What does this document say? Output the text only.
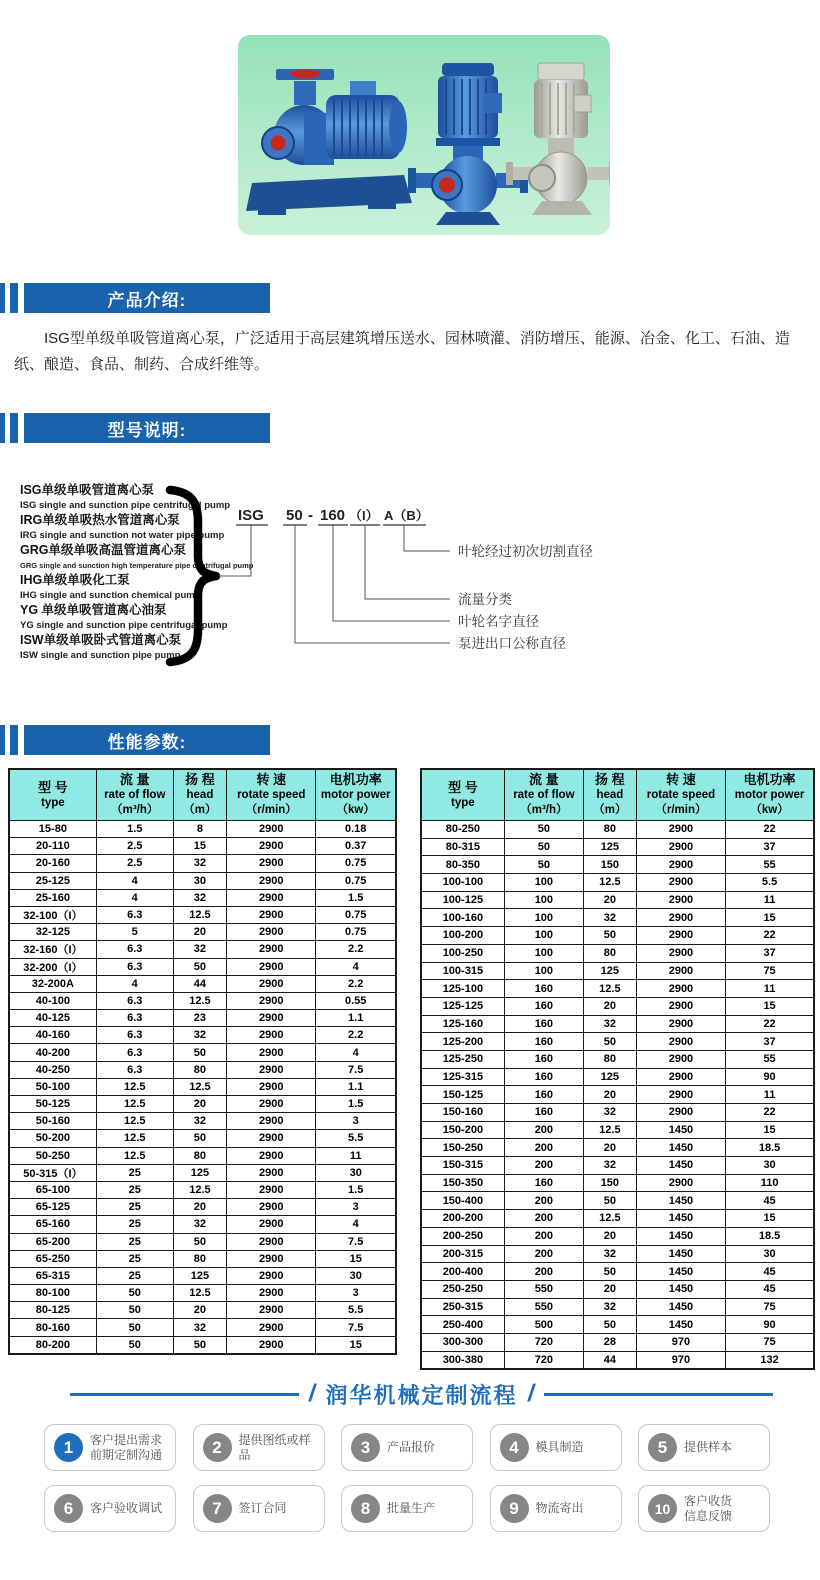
产品介绍:

ISG型单级单吸管道离心泵，广泛适用于高层建筑增压送水、园林喷灌、消防增压、能源、冶金、化工、石油、造纸、酿造、食品、制药、合成纤维等。

型号说明:
ISG单级单吸管道离心泵
ISG single and sunction pipe centrifugal pump
IRG单级单吸热水管道离心泵
IRG single and sunction not water pipe pump
GRG单级单吸高温管道离心泵
GRG single and sunction high temperature pipe centrifugal pump
IHG单级单吸化工泵
IHG single and sunction chemical pump
YG 单级单吸管道离心油泵
YG single and sunction pipe centrifugal pump
ISW单级单吸卧式管道离心泵
ISW single and sunction pipe pump
ISG 50 - 160 （I） A（B）
叶轮经过初次切割直径
流量分类
叶轮名字直径
泵进出口公称直径
性能参数:
型 号
type

流 量
rate of flow
（m³/h）

扬 程
head
（m）

转 速
rotate speed
（r/min）

电机功率
motor power
（kw）

15-80	1.5	8	2900	0.18
20-110	2.5	15	2900	0.37
20-160	2.5	32	2900	0.75
25-125	4	30	2900	0.75
25-160	4	32	2900	1.5
32-100（I）	6.3	12.5	2900	0.75
32-125	5	20	2900	0.75
32-160（I）	6.3	32	2900	2.2
32-200（I）	6.3	50	2900	4
32-200A	4	44	2900	2.2
40-100	6.3	12.5	2900	0.55
40-125	6.3	23	2900	1.1
40-160	6.3	32	2900	2.2
40-200	6.3	50	2900	4
40-250	6.3	80	2900	7.5
50-100	12.5	12.5	2900	1.1
50-125	12.5	20	2900	1.5
50-160	12.5	32	2900	3
50-200	12.5	50	2900	5.5
50-250	12.5	80	2900	11
50-315（I）	25	125	2900	30
65-100	25	12.5	2900	1.5
65-125	25	20	2900	3
65-160	25	32	2900	4
65-200	25	50	2900	7.5
65-250	25	80	2900	15
65-315	25	125	2900	30
80-100	50	12.5	2900	3
80-125	50	20	2900	5.5
80-160	50	32	2900	7.5
80-200	50	50	2900	15
型 号
type

流 量
rate of flow
（m³/h）

扬 程
head
（m）

转 速
rotate speed
（r/min）

电机功率
motor power
（kw）

80-250	50	80	2900	22
80-315	50	125	2900	37
80-350	50	150	2900	55
100-100	100	12.5	2900	5.5
100-125	100	20	2900	11
100-160	100	32	2900	15
100-200	100	50	2900	22
100-250	100	80	2900	37
100-315	100	125	2900	75
125-100	160	12.5	2900	11
125-125	160	20	2900	15
125-160	160	32	2900	22
125-200	160	50	2900	37
125-250	160	80	2900	55
125-315	160	125	2900	90
150-125	160	20	2900	11
150-160	160	32	2900	22
150-200	200	12.5	1450	15
150-250	200	20	1450	18.5
150-315	200	32	1450	30
150-350	160	150	2900	110
150-400	200	50	1450	45
200-200	200	12.5	1450	15
200-250	200	20	1450	18.5
200-315	200	32	1450	30
200-400	200	50	1450	45
250-250	550	20	1450	45
250-315	550	32	1450	75
250-400	500	50	1450	90
300-300	720	28	970	75
300-380	720	44	970	132
/ 润华机械定制流程 /
1	客户提出需求
前期定制沟通	2	提供图纸或样
品	3	产品报价	4	模具制造	5	提供样本
6	客户验收调试	7	签订合同	8	批量生产	9	物流寄出	10	客户收货
信息反馈
